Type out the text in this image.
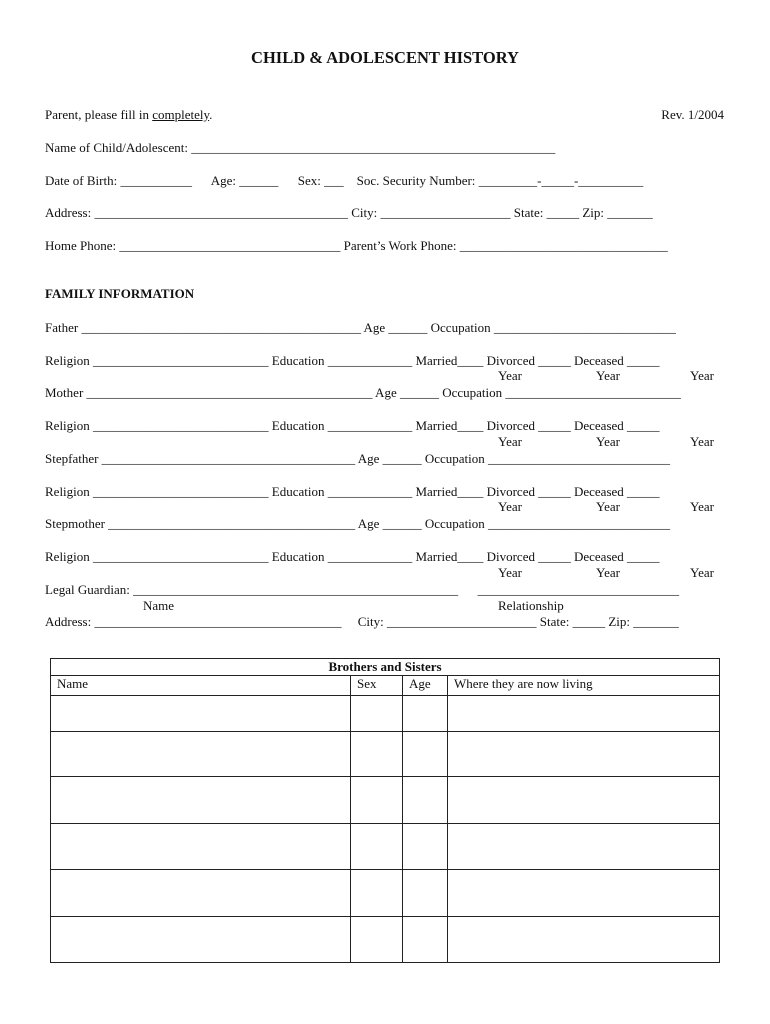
CHILD & ADOLESCENT HISTORY
Parent, please fill in completely.	Rev. 1/2004
Name of Child/Adolescent: ________________________________________________________
Date of Birth: ___________      Age: ______      Sex: ___    Soc. Security Number: _________-_____-__________
Address: _______________________________________ City: ____________________ State: _____ Zip: _______
Home Phone: __________________________________ Parent’s Work Phone: ________________________________
FAMILY INFORMATION
Father ___________________________________________ Age ______ Occupation ____________________________
Religion ___________________________ Education _____________ Married____ Divorced _____ Deceased _____
Year	Year	Year
Mother ____________________________________________ Age ______ Occupation ___________________________
Religion ___________________________ Education _____________ Married____ Divorced _____ Deceased _____
Year	Year	Year
Stepfather _______________________________________ Age ______ Occupation ____________________________
Religion ___________________________ Education _____________ Married____ Divorced _____ Deceased _____
Year	Year	Year
Stepmother ______________________________________ Age ______ Occupation ____________________________
Religion ___________________________ Education _____________ Married____ Divorced _____ Deceased _____
Year	Year	Year
Legal Guardian: __________________________________________________      _______________________________
Name	Relationship
Address: ______________________________________     City: _______________________ State: _____ Zip: _______
Brothers and Sisters			
Name	Sex	Age	Where they are now living
